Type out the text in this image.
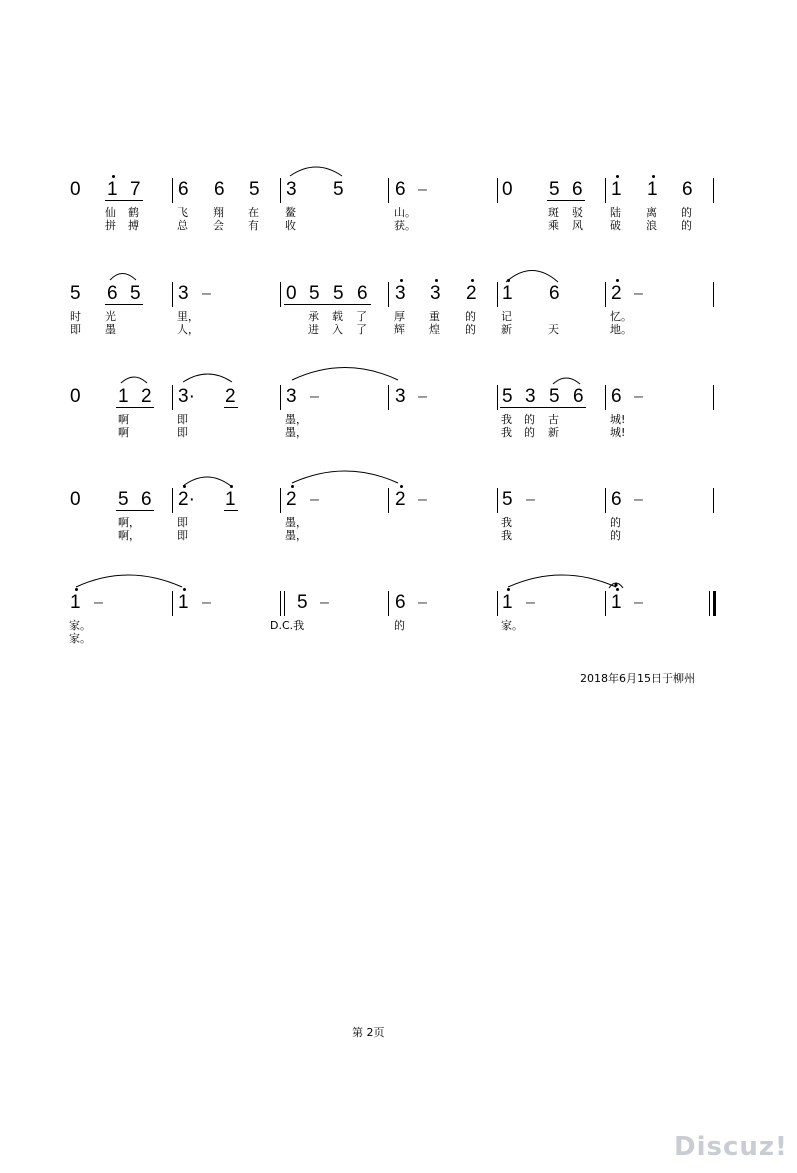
0 1 7 6 6 5 3 5	6 –	0 5 6 1 1 6
仙 鹤	飞 翔 在 鳌	山。	斑 驳 陆 离 的
拼 搏	总 会 有 收	获。	乘 风 破 浪 的
5 6 5 3 –	0 5 5 6 3 3 2 1 6	2 –
时 光	里，	承 载 了 厚 重 的 记	忆。
即 墨	人，	进 入 了 辉 煌 的 新	天	地。
0 1 2 3· 2	3 –	3 –	5 3 5 6 6 –
啊	即	墨，	我 的 古	城!
啊	即	墨，	我 的 新	城!
0 5 6 2· 1	2 –	2 –	5 –	6 –
啊，	即	墨，	我	的
啊，	即	墨，	我	的
1 –	1 –	5 –	6 –	1 –	1 –
家。	D.C.我	的	家。
家。
2018年6月15日于柳州
第 2页
Discuz!
